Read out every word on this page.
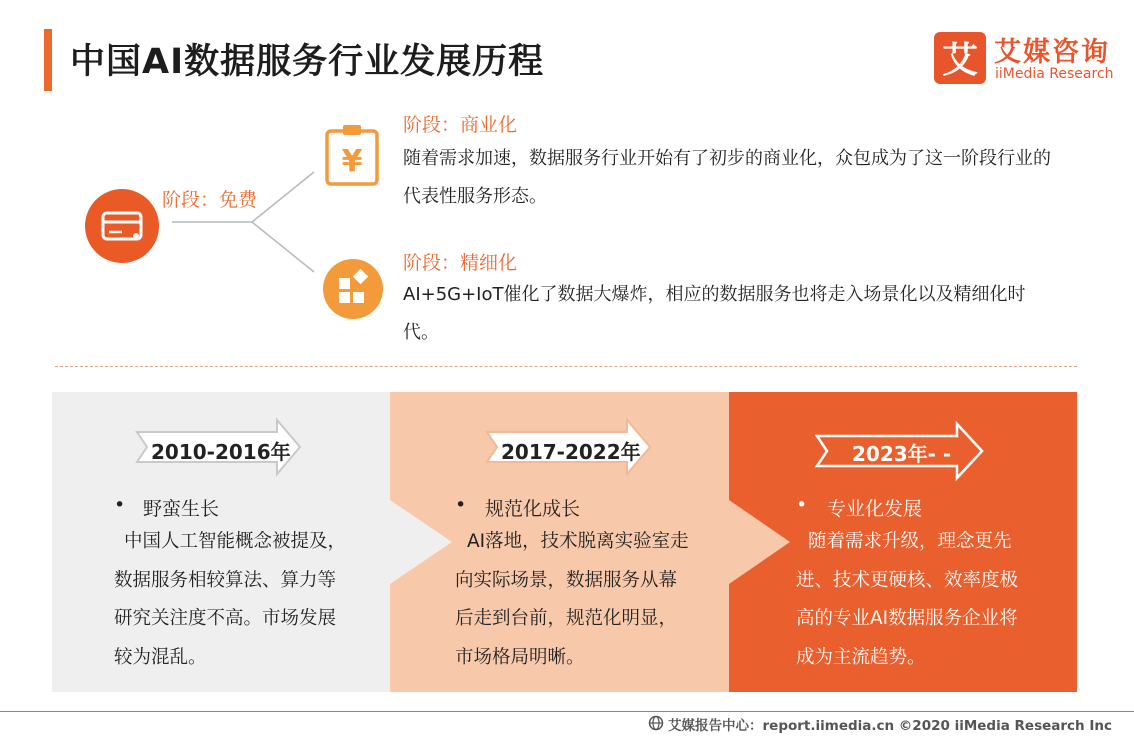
中国AI数据服务行业发展历程	艾 艾媒咨询
iiMedia Research
¥
阶段：免费
阶段：商业化
随着需求加速，数据服务行业开始有了初步的商业化，众包成为了这一阶段行业的代表性服务形态。
阶段：精细化
AI+5G+IoT催化了数据大爆炸，相应的数据服务也将走入场景化以及精细化时代。
2010-2016年
• 野蛮生长
中国人工智能概念被提及，数据服务相较算法、算力等研究关注度不高。市场发展较为混乱。
2017-2022年
• 规范化成长
AI落地，技术脱离实验室走向实际场景，数据服务从幕后走到台前，规范化明显，市场格局明晰。
2023年- -
• 专业化发展
随着需求升级，理念更先进、技术更硬核、效率度极高的专业AI数据服务企业将成为主流趋势。
艾媒报告中心：report.iimedia.cn ©2020 iiMedia Research Inc
